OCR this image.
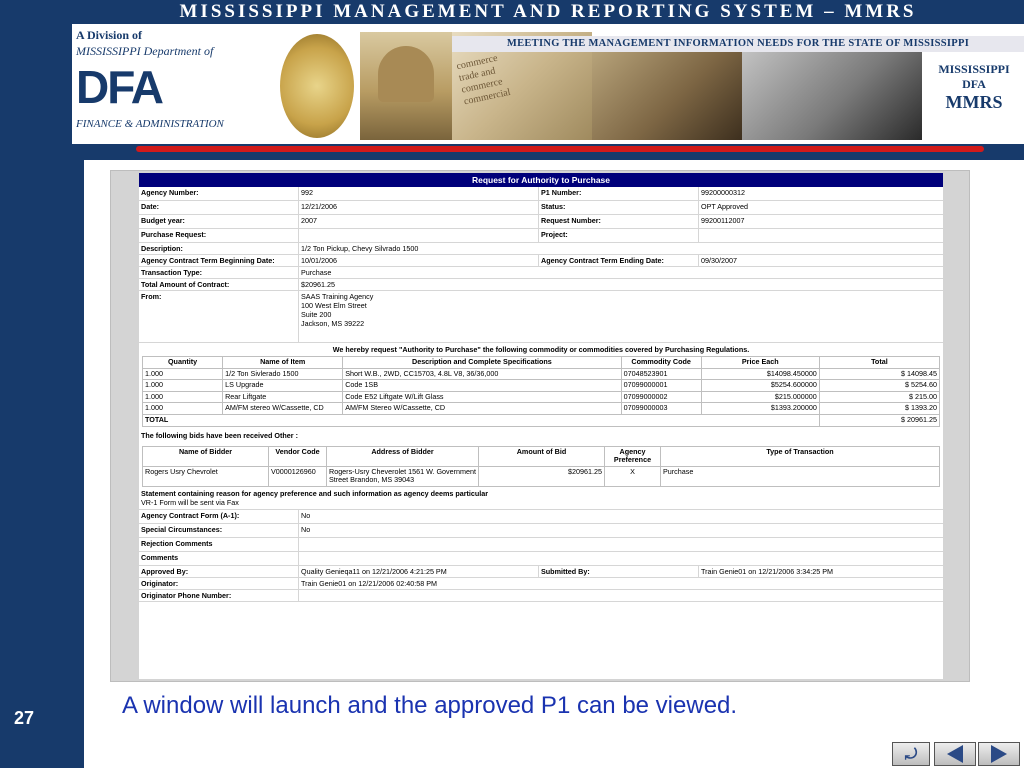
27
MISSISSIPPI MANAGEMENT AND REPORTING SYSTEM – MMRS
A Division of
MISSISSIPPI Department of
DFA
FINANCE & ADMINISTRATION
commerce
trade and
commerce
commercial
MEETING THE MANAGEMENT INFORMATION NEEDS FOR THE STATE OF MISSISSIPPI
MISSISSIPPI
DFA
MMRS
Request for Authority to Purchase
Agency Number:	992	P1 Number:	99200000312
Date:	12/21/2006	Status:	OPT Approved
Budget year:	2007	Request Number:	99200112007
Purchase Request:	Project:
Description:	1/2 Ton Pickup, Chevy Silvrado 1500
Agency Contract Term Beginning Date:	10/01/2006	Agency Contract Term Ending Date:	09/30/2007
Transaction Type:	Purchase
Total Amount of Contract:	$20961.25
From:	SAAS Training Agency
100 West Elm Street
Suite 200
Jackson, MS 39222
We hereby request "Authority to Purchase" the following commodity or commodities covered by Purchasing Regulations.
Quantity	Name of Item	Description and Complete Specifications	Commodity Code	Price Each	Total
1.000	1/2 Ton Sivlerado 1500	Short W.B., 2WD, CC15703, 4.8L V8, 36/36,000	07048523901	$14098.450000	$ 14098.45
1.000	LS Upgrade	Code 1SB	07099000001	$5254.600000	$ 5254.60
1.000	Rear Liftgate	Code E52 Liftgate W/Lift Glass	07099000002	$215.000000	$ 215.00
1.000	AM/FM stereo W/Cassette, CD	AM/FM Stereo W/Cassette, CD	07099000003	$1393.200000	$ 1393.20
TOTAL					$ 20961.25
The following bids have been received Other :
Name of Bidder	Vendor Code	Address of Bidder	Amount of Bid	Agency Preference	Type of Transaction
Rogers Usry Chevrolet	V0000126960	Rogers-Usry Cheverolet 1561 W. Government Street Brandon, MS 39043	$20961.25	X	Purchase
Statement containing reason for agency preference and such information as agency deems particular
VR-1 Form will be sent via Fax
Agency Contract Form (A-1):	No
Special Circumstances:	No
Rejection Comments
Comments
Approved By:	Quality Genieqa11 on 12/21/2006 4:21:25 PM	Submitted By:	Train Genie01 on 12/21/2006 3:34:25 PM
Originator:	Train Genie01 on 12/21/2006 02:40:58 PM
Originator Phone Number:
A window will launch and the approved P1 can be viewed.
⤾
